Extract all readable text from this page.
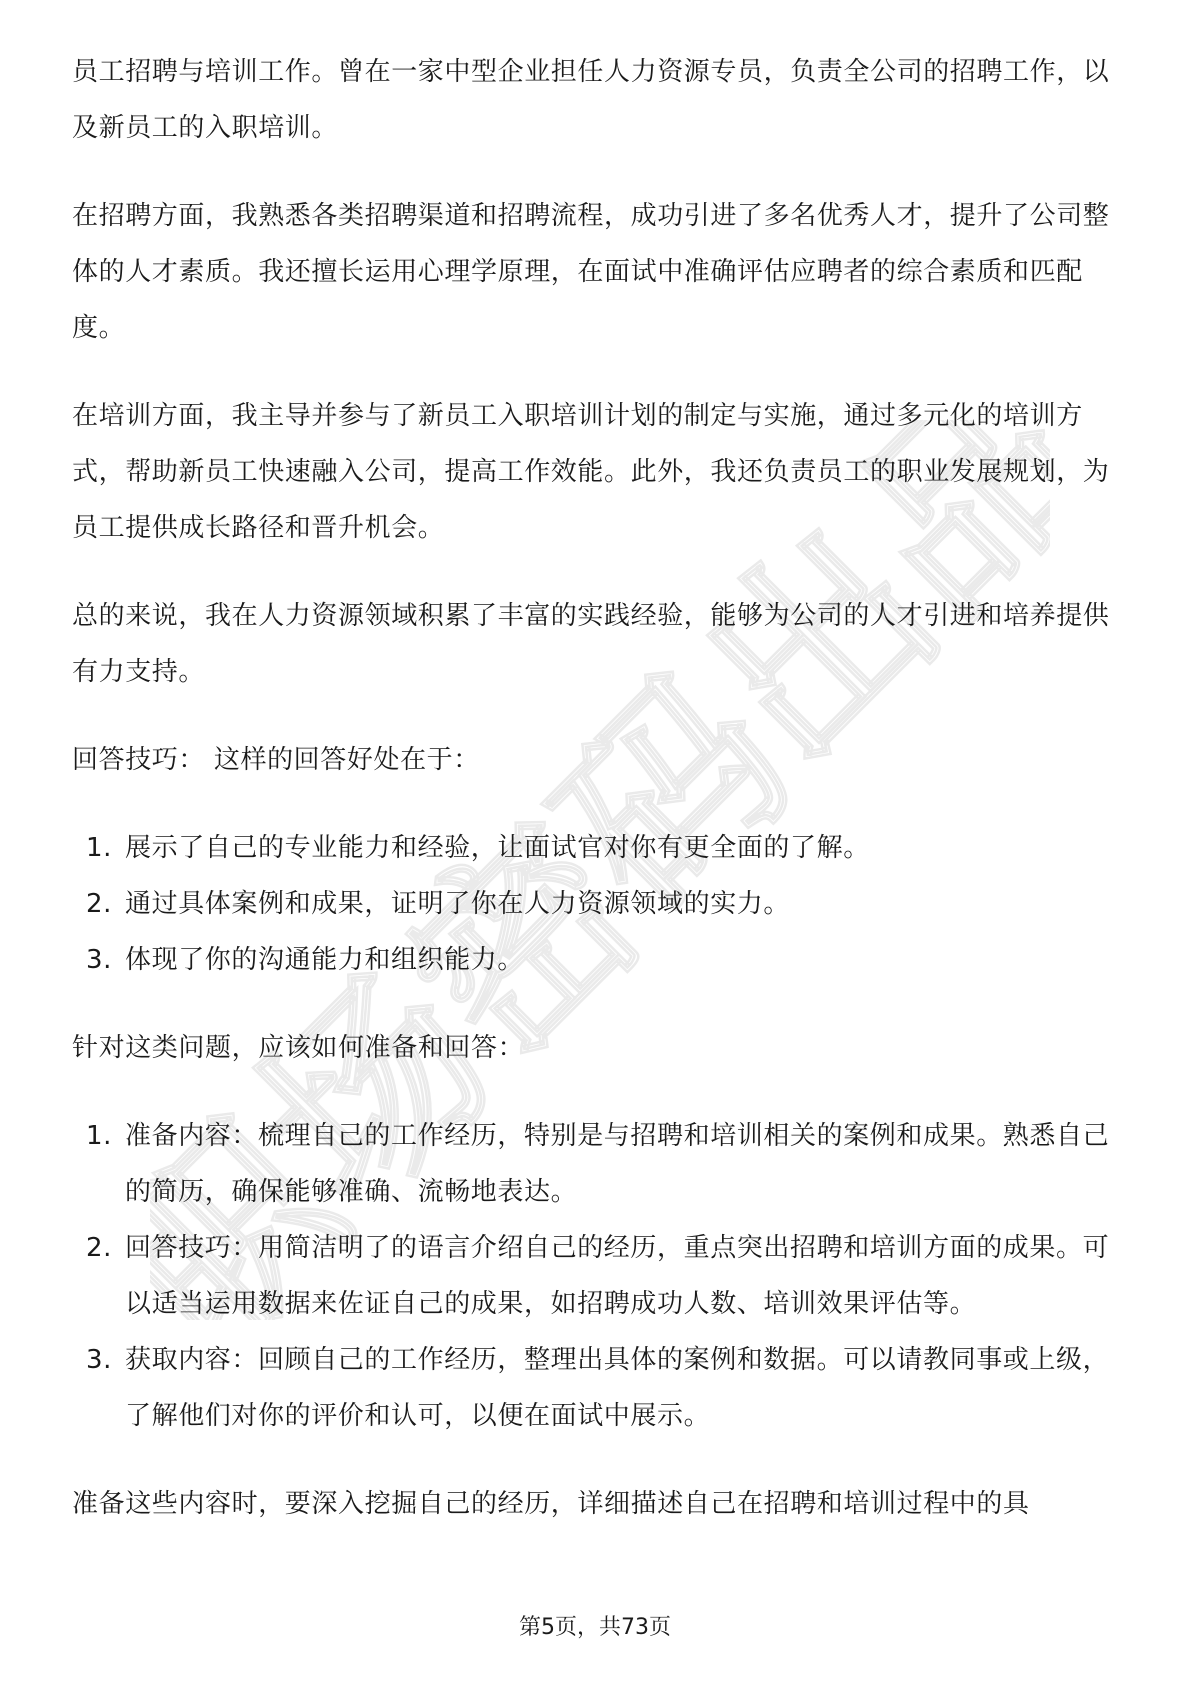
职场密码出品

员工招聘与培训工作。曾在一家中型企业担任人力资源专员，负责全公司的招聘工作，以及新员工的入职培训。

在招聘方面，我熟悉各类招聘渠道和招聘流程，成功引进了多名优秀人才，提升了公司整体的人才素质。我还擅长运用心理学原理，在面试中准确评估应聘者的综合素质和匹配度。

在培训方面，我主导并参与了新员工入职培训计划的制定与实施，通过多元化的培训方式，帮助新员工快速融入公司，提高工作效能。此外，我还负责员工的职业发展规划，为员工提供成长路径和晋升机会。

总的来说，我在人力资源领域积累了丰富的实践经验，能够为公司的人才引进和培养提供有力支持。

回答技巧： 这样的回答好处在于：

1. 展示了自己的专业能力和经验，让面试官对你有更全面的了解。
2. 通过具体案例和成果，证明了你在人力资源领域的实力。
3. 体现了你的沟通能力和组织能力。

针对这类问题，应该如何准备和回答：

1. 准备内容：梳理自己的工作经历，特别是与招聘和培训相关的案例和成果。熟悉自己的简历，确保能够准确、流畅地表达。
2. 回答技巧：用简洁明了的语言介绍自己的经历，重点突出招聘和培训方面的成果。可以适当运用数据来佐证自己的成果，如招聘成功人数、培训效果评估等。
3. 获取内容：回顾自己的工作经历，整理出具体的案例和数据。可以请教同事或上级，了解他们对你的评价和认可，以便在面试中展示。

准备这些内容时，要深入挖掘自己的经历，详细描述自己在招聘和培训过程中的具

第5页，共73页
